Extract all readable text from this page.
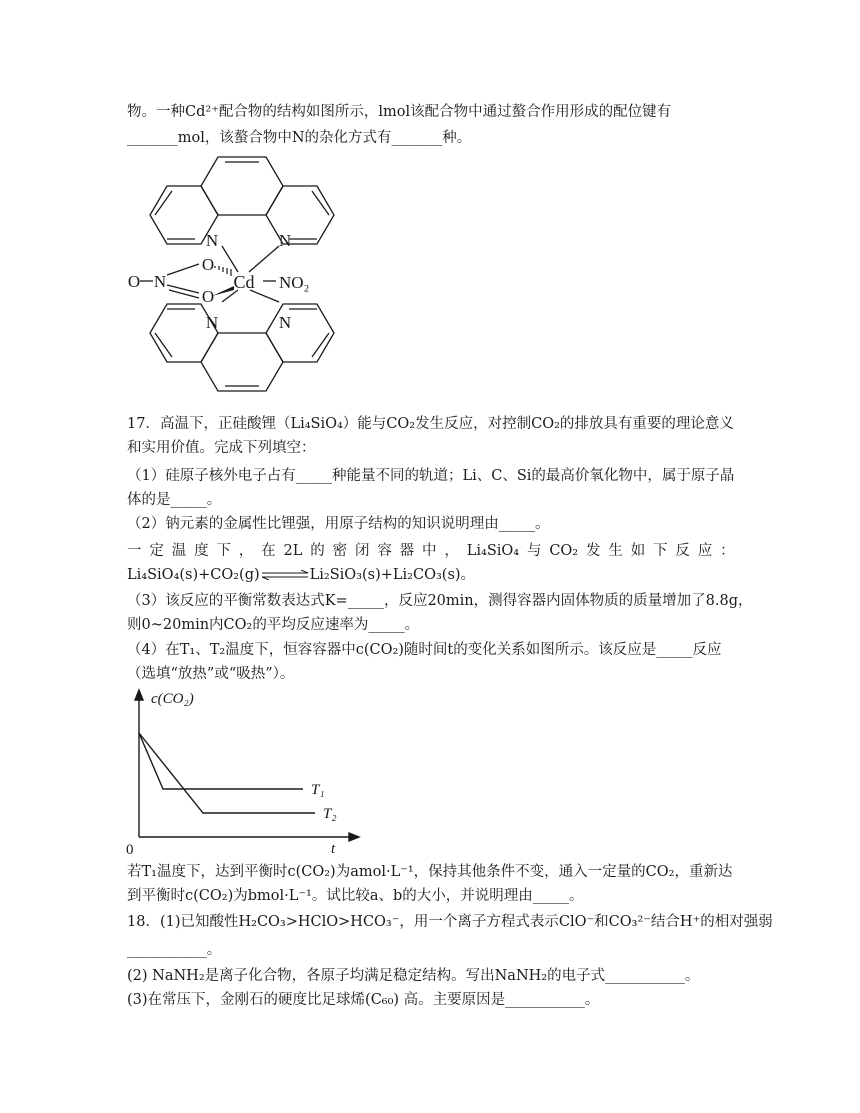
物。一种Cd²⁺配合物的结构如图所示，lmol该配合物中通过螯合作用形成的配位键有
_______mol，该螯合物中N的杂化方式有_______种。
N	N
N	N
O N
O
O
Cd NO₂
17．高温下，正硅酸锂（Li₄SiO₄）能与CO₂发生反应，对控制CO₂的排放具有重要的理论意义
和实用价值。完成下列填空：
（1）硅原子核外电子占有_____种能量不同的轨道；Li、C、Si的最高价氧化物中，属于原子晶
体的是_____。
（2）钠元素的金属性比锂强，用原子结构的知识说明理由_____。
一 定 温 度 下 ， 在 2L 的 密 闭 容 器 中 ， Li₄SiO₄ 与 CO₂ 发 生 如 下 反 应 ：
Li₄SiO₄(s)+CO₂(g)⇌Li₂SiO₃(s)+Li₂CO₃(s)。
（3）该反应的平衡常数表达式K=_____，反应20min，测得容器内固体物质的质量增加了8.8g，
则0~20min内CO₂的平均反应速率为_____。
（4）在T₁、T₂温度下，恒容容器中c(CO₂)随时间t的变化关系如图所示。该反应是_____反应
（选填“放热”或“吸热”）。
c(CO₂)
t
0
T₁
T₂
若T₁温度下，达到平衡时c(CO₂)为amol·L⁻¹，保持其他条件不变，通入一定量的CO₂，重新达
到平衡时c(CO₂)为bmol·L⁻¹。试比较a、b的大小，并说明理由_____。
18．(1)已知酸性H₂CO₃>HClO>HCO₃⁻，用一个离子方程式表示ClO⁻和CO₃²⁻结合H⁺的相对强弱
___________。
(2) NaNH₂是离子化合物，各原子均满足稳定结构。写出NaNH₂的电子式___________。
(3)在常压下，金刚石的硬度比足球烯(C₆₀) 高。主要原因是___________。
